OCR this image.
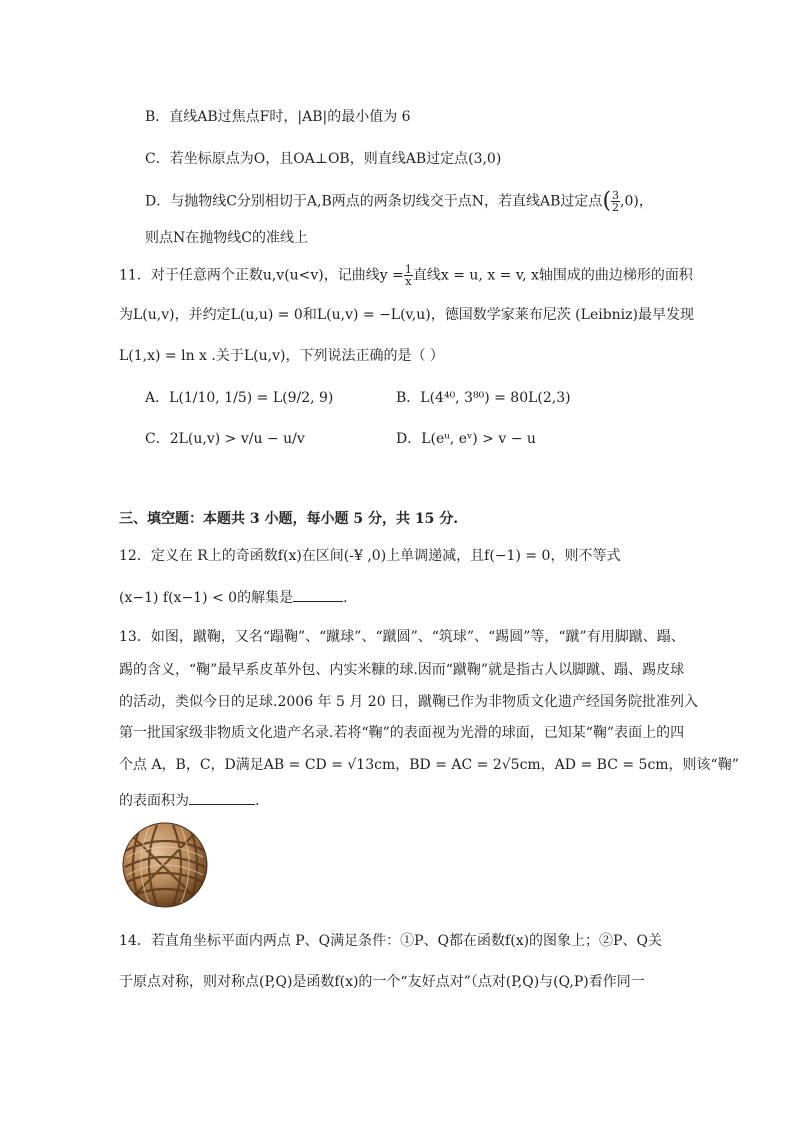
B．直线AB过焦点F时，|AB|的最小值为 6
C．若坐标原点为O，且OA⊥OB，则直线AB过定点(3,0)
D．与抛物线C分别相切于A,B两点的两条切线交于点N，若直线AB过定点( $\frac{3}{2} ,0$)，
则点N在抛物线C的准线上
11．对于任意两个正数u,v(u<v)，记曲线$y = \frac{1}{x}$ 直线x = u, x = v, x轴围成的曲边梯形的面积
为L(u,v)，并约定L(u,u) = 0和L(u,v) = −L(v,u)，德国数学家莱布尼茨 (Leibniz)最早发现
L(1,x) = ln x .关于L(u,v)，下列说法正确的是（ ）
A．L(1/10, 1/5) = L(9/2, 9)	B．L(4⁴⁰, 3⁸⁰) = 80L(2,3)
C．2L(u,v) > v/u − u/v	D．L(eᵘ, eᵛ) > v − u
三、填空题：本题共 3 小题，每小题 5 分，共 15 分.
12．定义在 R上的奇函数f(x)在区间(-¥ ,0)上单调递减，且f(−1) = 0，则不等式
(x−1) f(x−1) < 0的解集是	.
13．如图，蹴鞠，又名“蹋鞠”、“蹴球”、“蹴圆”、“筑球”、“踢圆”等，“蹴”有用脚蹴、蹋、
踢的含义，“鞠”最早系皮革外包、内实米糠的球.因而“蹴鞠”就是指古人以脚蹴、蹋、踢皮球
的活动，类似今日的足球.2006 年 5 月 20 日，蹴鞠已作为非物质文化遗产经国务院批准列入
第一批国家级非物质文化遗产名录.若将“鞠”的表面视为光滑的球面，已知某“鞠”表面上的四
个点 A，B，C，D满足AB = CD = √13cm，BD = AC = 2√5cm，AD = BC = 5cm，则该“鞠”
的表面积为	.
14．若直角坐标平面内两点 P、Q满足条件：①P、Q都在函数f(x)的图象上；②P、Q关
于原点对称，则对称点(P,Q)是函数f(x)的一个“友好点对”（点对(P,Q)与(Q,P)看作同一
